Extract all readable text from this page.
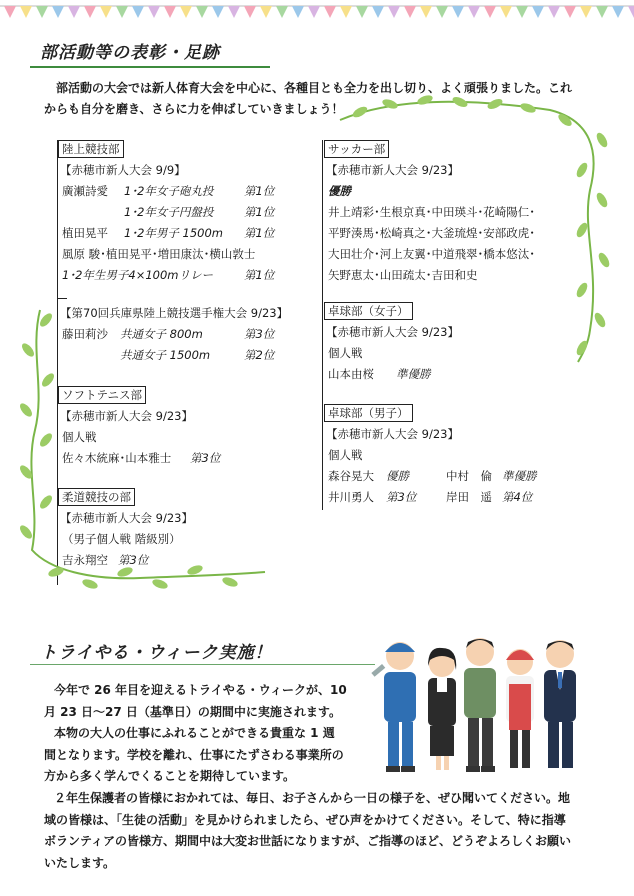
部活動等の表彰・足跡
部活動の大会では新人体育大会を中心に、各種目とも全力を出し切り、よく頑張りました。これ
からも自分を磨き、さらに力を伸ばしていきましょう！
陸上競技部
【赤穂市新人大会 9/9】
廣瀬詩愛 1･2年女子砲丸投	第1位
1･2年女子円盤投	第1位
植田晃平 1･2年男子 1500m 第1位
風原 駿･植田晃平･増田康汰･横山敦士
1･2年生男子4×100mリレー	第1位
【第70回兵庫県陸上競技選手権大会 9/23】
藤田莉沙 共通女子 800m	第3位
共通女子 1500m	第2位
ソフトテニス部
【赤穂市新人大会 9/23】
個人戦
佐々木統麻･山本雅士 第3位
柔道競技の部
【赤穂市新人大会 9/23】
（男子個人戦 階級別）
吉永翔空 第3位
サッカー部
【赤穂市新人大会 9/23】
優勝
井上靖彩･生根京真･中田瑛斗･花崎陽仁･
平野湊馬･松崎真之･大釜琉煌･安部政虎･
大田壮介･河上友翼･中道飛翠･橋本悠汰･
矢野恵太･山田疏太･吉田和史
卓球部（女子）
【赤穂市新人大会 9/23】
個人戦
山本由桜 準優勝
卓球部（男子）
【赤穂市新人大会 9/23】
個人戦
森谷晃大 優勝	中村　倫 準優勝
井川勇人 第3位	岸田　遥 第4位
トライやる・ウィーク実施！
今年で 26 年目を迎えるトライやる・ウィークが、10
月 23 日～27 日（基準日）の期間中に実施されます。
本物の大人の仕事にふれることができる貴重な 1 週
間となります。学校を離れ、仕事にたずさわる事業所の
方から多く学んでくることを期待しています。
２年生保護者の皆様におかれては、毎日、お子さんから一日の様子を、ぜひ聞いてください。地
域の皆様は、「生徒の活動」を見かけられましたら、ぜひ声をかけてください。そして、特に指導
ボランティアの皆様方、期間中は大変お世話になりますが、ご指導のほど、どうぞよろしくお願い
いたします。
